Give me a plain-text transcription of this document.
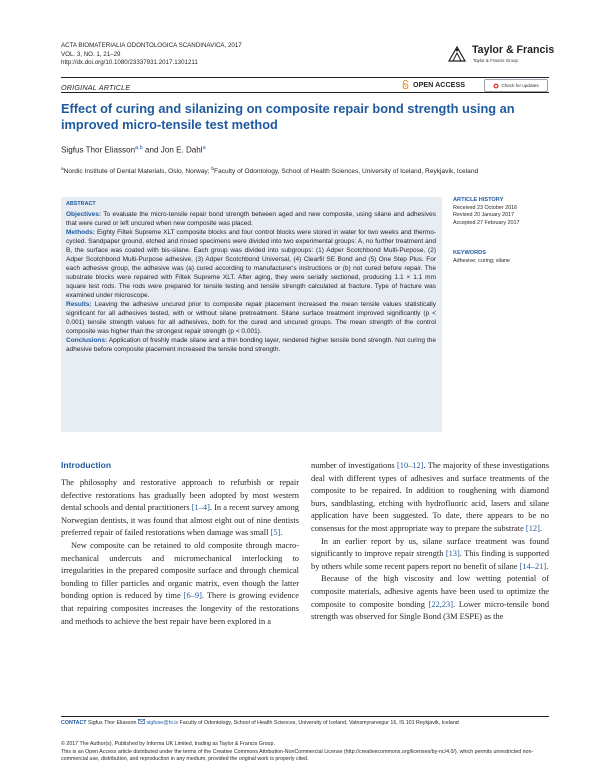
ACTA BIOMATERIALIA ODONTOLOGICA SCANDINAVICA, 2017
VOL. 3, NO. 1, 21–29
http://dx.doi.org/10.1080/23337931.2017.1301211
Taylor & Francis
Taylor & Francis Group
ORIGINAL ARTICLE	OPEN ACCESS	Check for updates
Effect of curing and silanizing on composite repair bond strength using an improved micro-tensile test method
Sigfus Thor Eliasson$^{a,b}$ and Jon E. Dahl$^a$
$^a$Nordic Institute of Dental Materials, Oslo, Norway; $^b$Faculty of Odontology, School of Health Sciences, University of Iceland, Reykjavik, Iceland
ABSTRACT

Objectives: To evaluate the micro-tensile repair bond strength between aged and new composite, using silane and adhesives that were cured or left uncured when new composite was placed.

Methods: Eighty Filtek Supreme XLT composite blocks and four control blocks were stored in water for two weeks and thermo-cycled. Sandpaper ground, etched and rinsed specimens were divided into two experimental groups: A, no further treatment and B, the surface was coated with bis-silane. Each group was divided into subgroups: (1) Adper Scotchbond Multi-Purpose, (2) Adper Scotchbond Multi-Purpose adhesive, (3) Adper Scotchbond Universal, (4) Clearfil SE Bond and (5) One Step Plus. For each adhesive group, the adhesive was (a) cured according to manufacturer's instructions or (b) not cured before repair. The substrate blocks were repaired with Filtek Supreme XLT. After aging, they were serially sectioned, producing 1.1 × 1.1 mm square test rods. The rods were prepared for tensile testing and tensile strength calculated at fracture. Type of fracture was examined under microscope.

Results: Leaving the adhesive uncured prior to composite repair placement increased the mean tensile values statistically significant for all adhesives tested, with or without silane pretreatment. Silane surface treatment improved significantly (p < 0.001) tensile strength values for all adhesives, both for the cured and uncured groups. The mean strength of the control composite was higher than the strongest repair strength (p < 0.001).

Conclusions: Application of freshly made silane and a thin bonding layer, rendered higher tensile bond strength. Not curing the adhesive before composite placement increased the tensile bond strength.

ARTICLE HISTORY
Received 23 October 2016
Revised 20 January 2017
Accepted 27 February 2017
KEYWORDS
Adhesive; curing; silane
Introduction

The philosophy and restorative approach to refurbish or repair defective restorations has gradually been adopted by most western dental schools and dental practitioners [1–4]. In a recent survey among Norwegian dentists, it was found that almost eight out of nine dentists preferred repair of failed restorations when damage was small [5].

New composite can be retained to old composite through macro-mechanical undercuts and micromechanical interlocking to irregularities in the prepared composite surface and through chemical bonding to filler particles and organic matrix, even though the latter bonding option is reduced by time [6–9]. There is growing evidence that repairing composites increases the longevity of the restorations and methods to achieve the best repair have been explored in a

number of investigations [10–12]. The majority of these investigations deal with different types of adhesives and surface treatments of the composite to be repaired. In addition to roughening with diamond burs, sandblasting, etching with hydrofluoric acid, lasers and silane application have been suggested. To date, there appears to be no consensus for the most appropriate way to prepare the substrate [12].

In an earlier report by us, silane surface treatment was found significantly to improve repair strength [13]. This finding is supported by others while some recent papers report no benefit of silane [14–21].

Because of the high viscosity and low wetting potential of composite materials, adhesive agents have been used to optimize the composite to composite bonding [22,23]. Lower micro-tensile bond strength was observed for Single Bond (3M ESPE) as the

CONTACT Sigfus Thor Eliasson sigfuse@hi.is Faculty of Odontology, School of Health Sciences, University of Iceland, Vatnsmyrarvegur 16, IS 101 Reykjavik, Iceland
© 2017 The Author(s). Published by Informa UK Limited, trading as Taylor & Francis Group.
This is an Open Access article distributed under the terms of the Creative Commons Attribution-NonCommercial License (http://creativecommons.org/licenses/by-nc/4.0/), which permits unrestricted non-commercial use, distribution, and reproduction in any medium, provided the original work is properly cited.
